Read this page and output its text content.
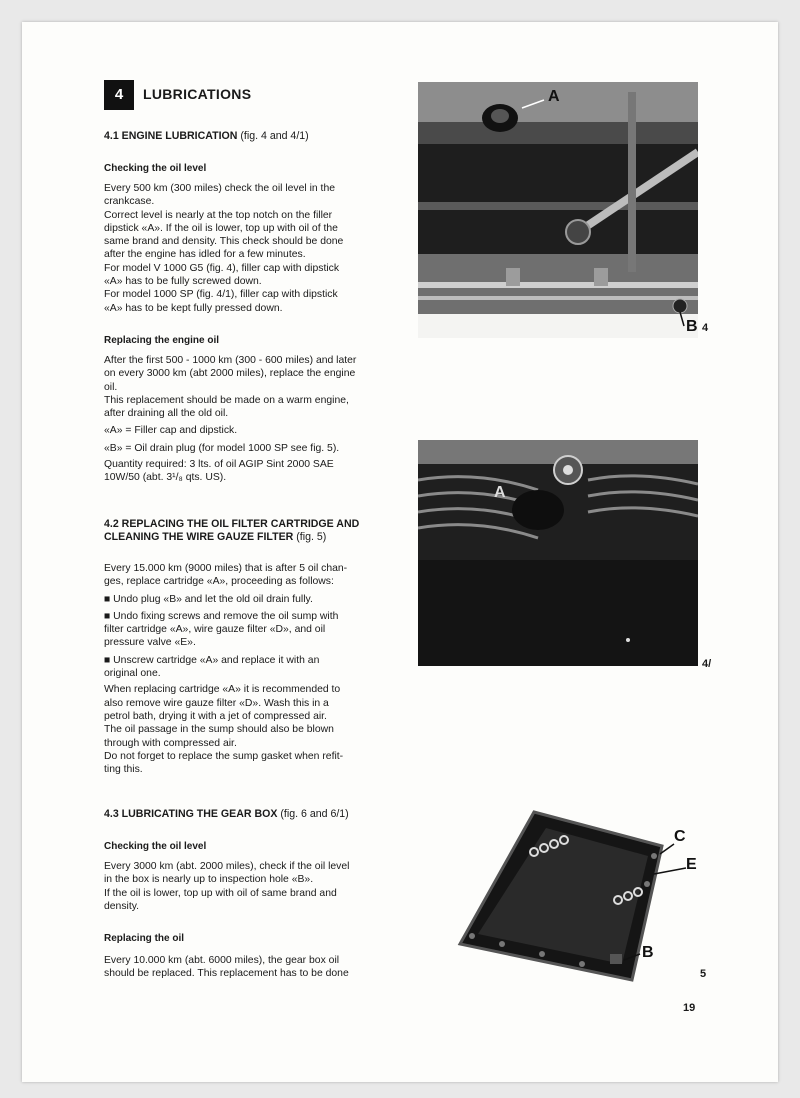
4	LUBRICATIONS
4.1 ENGINE LUBRICATION (fig. 4 and 4/1)
Checking the oil level
Every 500 km (300 miles) check the oil level in the
crankcase.
Correct level is nearly at the top notch on the filler
dipstick «A». If the oil is lower, top up with oil of the
same brand and density. This check should be done
after the engine has idled for a few minutes.
For model V 1000 G5 (fig. 4), filler cap with dipstick
«A» has to be fully screwed down.
For model 1000 SP (fig. 4/1), filler cap with dipstick
«A» has to be kept fully pressed down.
Replacing the engine oil
After the first 500 - 1000 km (300 - 600 miles) and later
on every 3000 km (abt 2000 miles), replace the engine
oil.
This replacement should be made on a warm engine,
after draining all the old oil.
«A» = Filler cap and dipstick.
«B» = Oil drain plug (for model 1000 SP see fig. 5).
Quantity required: 3 lts. of oil AGIP Sint 2000 SAE
10W/50 (abt. 3¹/₈ qts. US).
4.2 REPLACING THE OIL FILTER CARTRIDGE AND
CLEANING THE WIRE GAUZE FILTER (fig. 5)
Every 15.000 km (9000 miles) that is after 5 oil chan-
ges, replace cartridge «A», proceeding as follows:
■ Undo plug «B» and let the old oil drain fully.
■ Undo fixing screws and remove the oil sump with
filter cartridge «A», wire gauze filter «D», and oil
pressure valve «E».
■ Unscrew cartridge «A» and replace it with an
original one.
When replacing cartridge «A» it is recommended to
also remove wire gauze filter «D». Wash this in a
petrol bath, drying it with a jet of compressed air.
The oil passage in the sump should also be blown
through with compressed air.
Do not forget to replace the sump gasket when refit-
ting this.
4.3 LUBRICATING THE GEAR BOX (fig. 6 and 6/1)
Checking the oil level
Every 3000 km (abt. 2000 miles), check if the oil level
in the box is nearly up to inspection hole «B».
If the oil is lower, top up with oil of same brand and
density.
Replacing the oil
Every 10.000 km (abt. 6000 miles), the gear box oil
should be replaced. This replacement has to be done
A
B 4
A
4/
C
E
B
5
19
